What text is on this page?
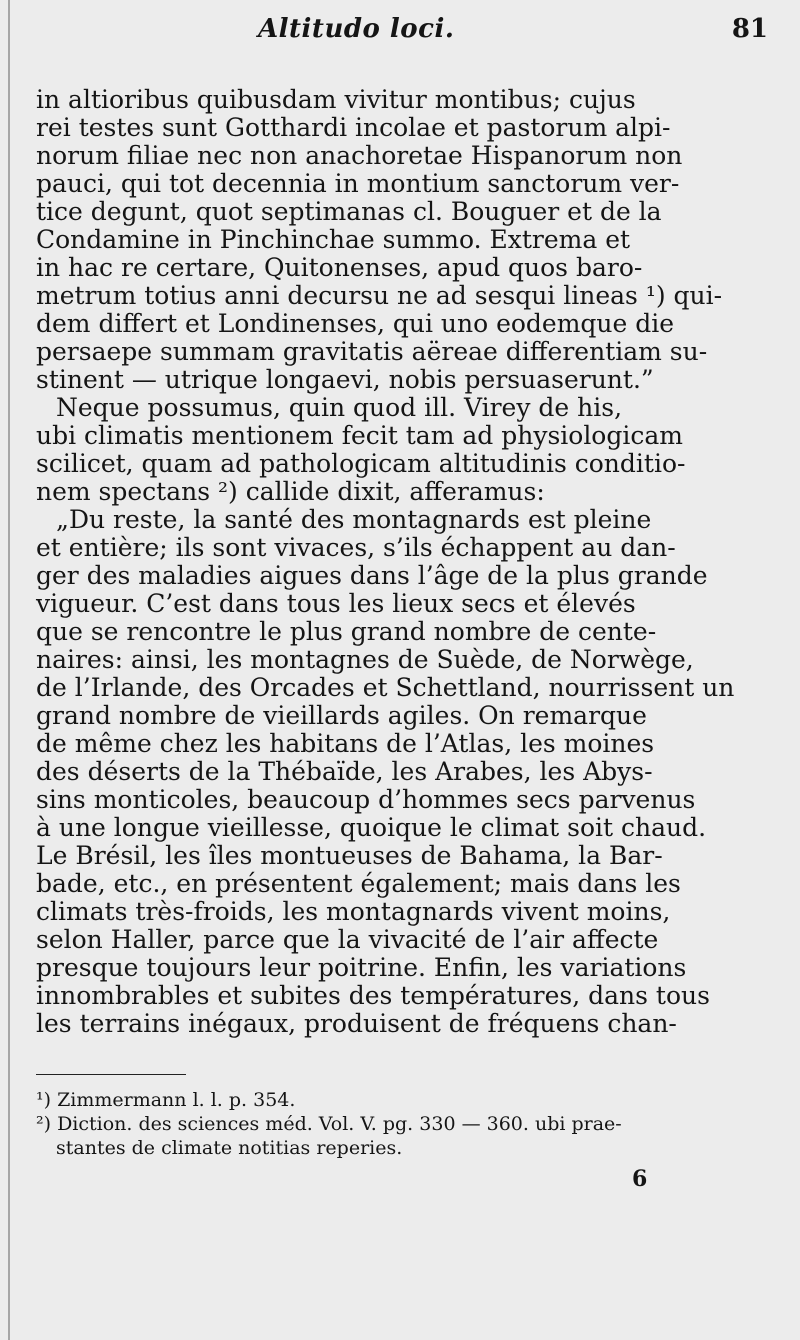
Altitudo loci.	81
in altioribus quibusdam vivitur montibus; cujus
rei testes sunt Gotthardi incolae et pastorum alpi-
norum filiae nec non anachoretae Hispanorum non
pauci, qui tot decennia in montium sanctorum ver-
tice degunt, quot septimanas cl. Bouguer et de la
Condamine in Pinchinchae summo. Extrema et
in hac re certare, Quitonenses, apud quos baro-
metrum totius anni decursu ne ad sesqui lineas ¹) qui-
dem differt et Londinenses, qui uno eodemque die
persaepe summam gravitatis aëreae differentiam su-
stinent — utrique longaevi, nobis persuaserunt.”
Neque possumus, quin quod ill. Virey de his,
ubi climatis mentionem fecit tam ad physiologicam
scilicet, quam ad pathologicam altitudinis conditio-
nem spectans ²) callide dixit, afferamus:
„Du reste, la santé des montagnards est pleine
et entière; ils sont vivaces, s’ils échappent au dan-
ger des maladies aigues dans l’âge de la plus grande
vigueur. C’est dans tous les lieux secs et élevés
que se rencontre le plus grand nombre de cente-
naires: ainsi, les montagnes de Suède, de Norwège,
de l’Irlande, des Orcades et Schettland, nourrissent un
grand nombre de vieillards agiles. On remarque
de même chez les habitans de l’Atlas, les moines
des déserts de la Thébaïde, les Arabes, les Abys-
sins monticoles, beaucoup d’hommes secs parvenus
à une longue vieillesse, quoique le climat soit chaud.
Le Brésil, les îles montueuses de Bahama, la Bar-
bade, etc., en présentent également; mais dans les
climats très-froids, les montagnards vivent moins,
selon Haller, parce que la vivacité de l’air affecte
presque toujours leur poitrine. Enfin, les variations
innombrables et subites des températures, dans tous
les terrains inégaux, produisent de fréquens chan-
¹) Zimmermann l. l. p. 354.
²) Diction. des sciences méd. Vol. V. pg. 330 — 360. ubi prae-
stantes de climate notitias reperies.
6
